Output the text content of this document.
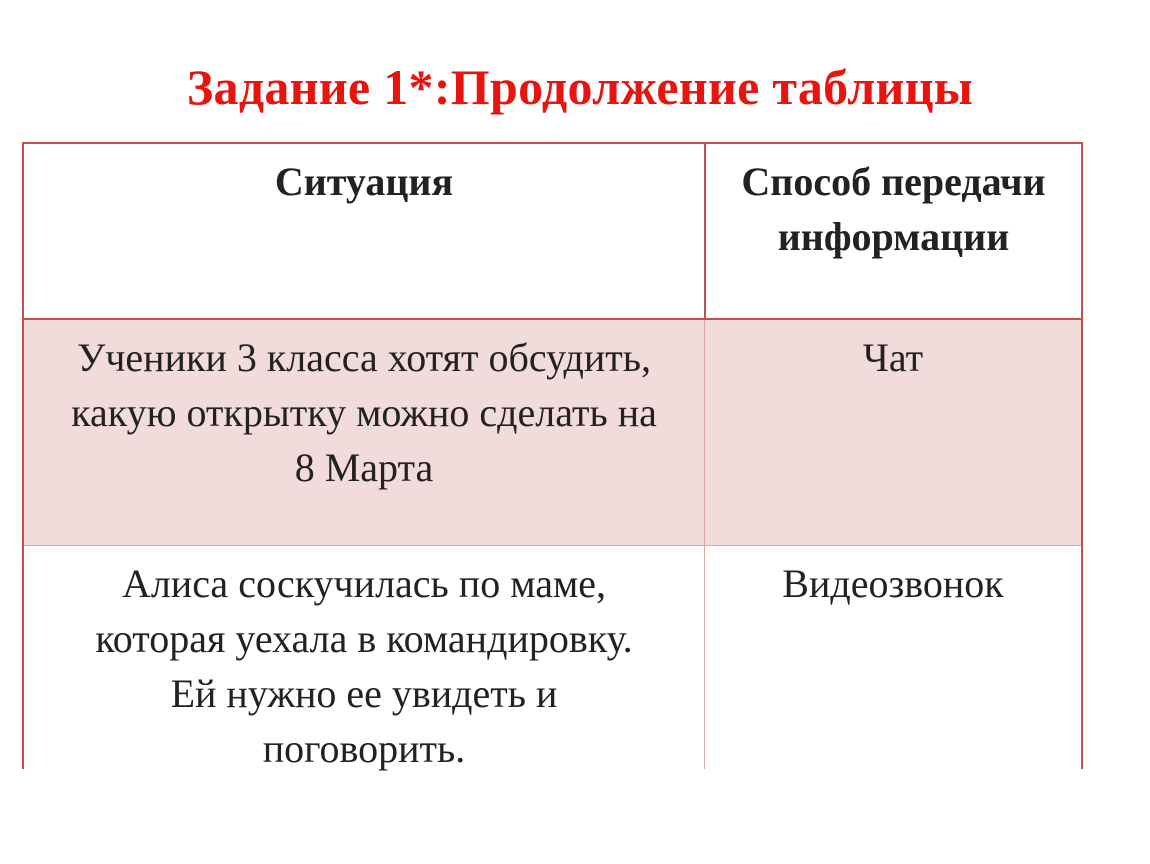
Задание 1*:Продолжение таблицы
Ситуация	Способ передачи
информации
Ученики 3 класса хотят обсудить,
какую открытку можно сделать на
8 Марта
Чат
Алиса соскучилась по маме,
которая уехала в командировку.
Ей нужно ее увидеть и
поговорить.
Видеозвонок
